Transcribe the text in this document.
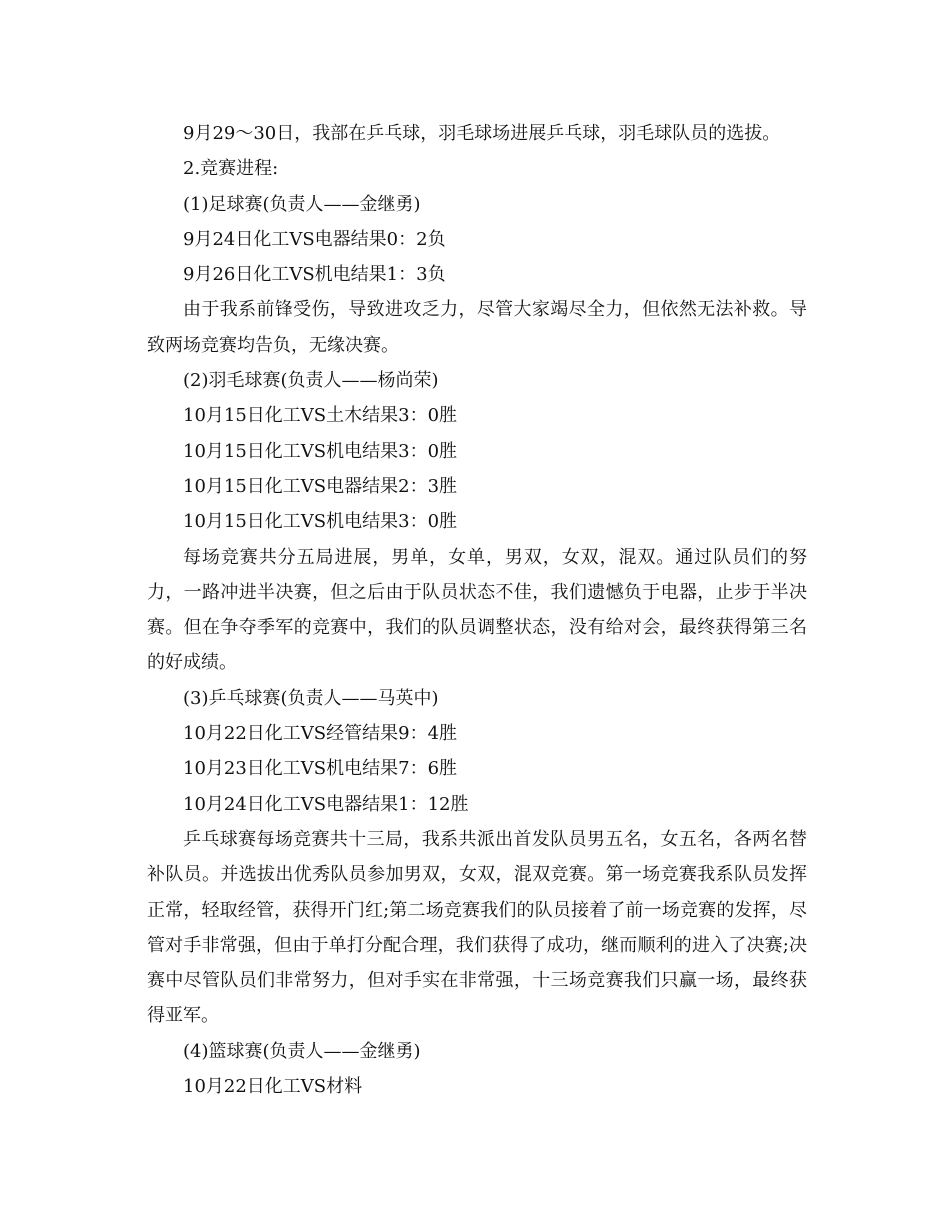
9月29～30日，我部在乒乓球，羽毛球场进展乒乓球，羽毛球队员的选拔。

2.竞赛进程:

(1)足球赛(负责人——金继勇)

9月24日化工VS电器结果0：2负

9月26日化工VS机电结果1：3负

由于我系前锋受伤，导致进攻乏力，尽管大家竭尽全力，但依然无法补救。导致两场竞赛均告负，无缘决赛。

(2)羽毛球赛(负责人——杨尚荣)

10月15日化工VS土木结果3：0胜

10月15日化工VS机电结果3：0胜

10月15日化工VS电器结果2：3胜

10月15日化工VS机电结果3：0胜

每场竞赛共分五局进展，男单，女单，男双，女双，混双。通过队员们的努力，一路冲进半决赛，但之后由于队员状态不佳，我们遗憾负于电器，止步于半决赛。但在争夺季军的竞赛中，我们的队员调整状态，没有给对会，最终获得第三名的好成绩。

(3)乒乓球赛(负责人——马英中)

10月22日化工VS经管结果9：4胜

10月23日化工VS机电结果7：6胜

10月24日化工VS电器结果1：12胜

乒乓球赛每场竞赛共十三局，我系共派出首发队员男五名，女五名，各两名替补队员。并选拔出优秀队员参加男双，女双，混双竞赛。第一场竞赛我系队员发挥正常，轻取经管，获得开门红;第二场竞赛我们的队员接着了前一场竞赛的发挥，尽管对手非常强，但由于单打分配合理，我们获得了成功，继而顺利的进入了决赛;决赛中尽管队员们非常努力，但对手实在非常强，十三场竞赛我们只赢一场，最终获得亚军。

(4)篮球赛(负责人——金继勇)

10月22日化工VS材料
